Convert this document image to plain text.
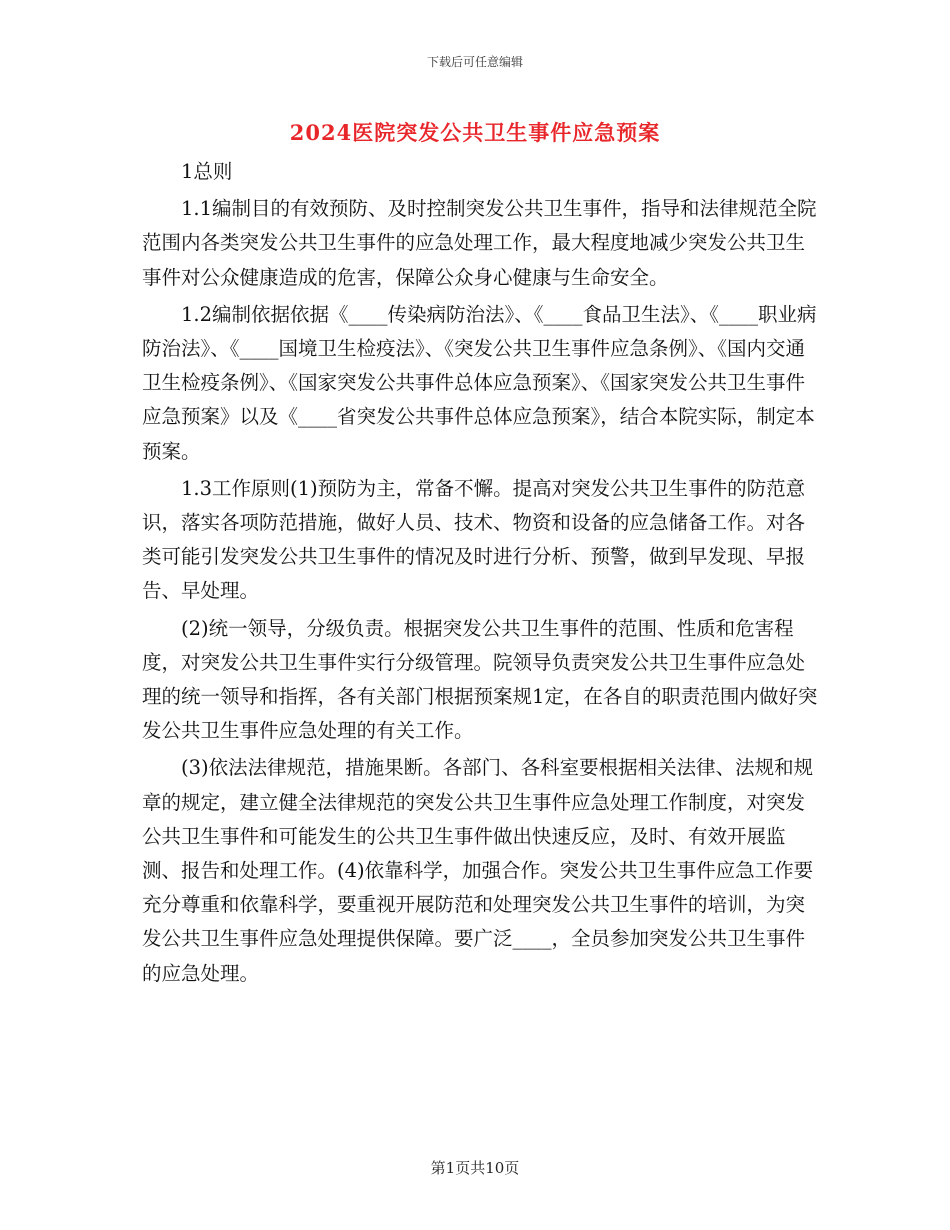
下载后可任意编辑
2024医院突发公共卫生事件应急预案

1总则

1.1编制目的有效预防、及时控制突发公共卫生事件，指导和法律规范全院范围内各类突发公共卫生事件的应急处理工作，最大程度地减少突发公共卫生事件对公众健康造成的危害，保障公众身心健康与生命安全。

1.2编制依据依据《____传染病防治法》、《____食品卫生法》、《____职业病防治法》、《____国境卫生检疫法》、《突发公共卫生事件应急条例》、《国内交通卫生检疫条例》、《国家突发公共事件总体应急预案》、《国家突发公共卫生事件应急预案》以及《____省突发公共事件总体应急预案》，结合本院实际，制定本预案。

1.3工作原则(1)预防为主，常备不懈。提高对突发公共卫生事件的防范意识，落实各项防范措施，做好人员、技术、物资和设备的应急储备工作。对各类可能引发突发公共卫生事件的情况及时进行分析、预警，做到早发现、早报告、早处理。

(2)统一领导，分级负责。根据突发公共卫生事件的范围、性质和危害程度，对突发公共卫生事件实行分级管理。院领导负责突发公共卫生事件应急处理的统一领导和指挥，各有关部门根据预案规1定，在各自的职责范围内做好突发公共卫生事件应急处理的有关工作。

(3)依法法律规范，措施果断。各部门、各科室要根据相关法律、法规和规章的规定，建立健全法律规范的突发公共卫生事件应急处理工作制度，对突发公共卫生事件和可能发生的公共卫生事件做出快速反应，及时、有效开展监测、报告和处理工作。(4)依靠科学，加强合作。突发公共卫生事件应急工作要充分尊重和依靠科学，要重视开展防范和处理突发公共卫生事件的培训，为突发公共卫生事件应急处理提供保障。要广泛____，全员参加突发公共卫生事件的应急处理。

第1页共10页
